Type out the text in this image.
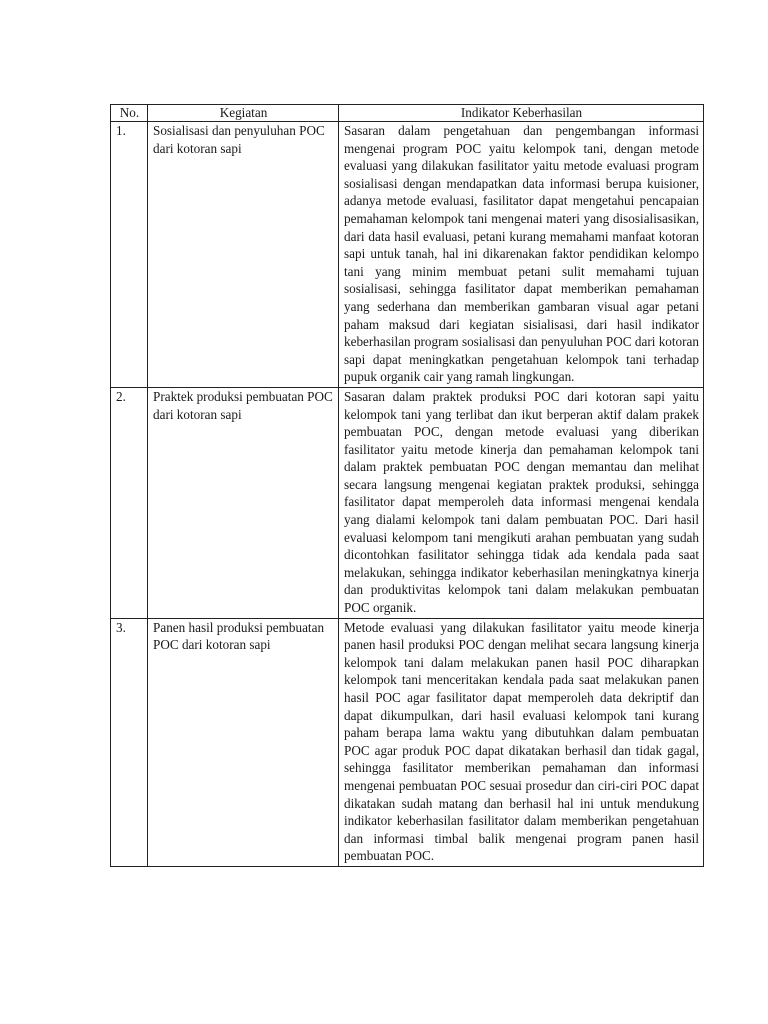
No.	Kegiatan	Indikator Keberhasilan
1.	Sosialisasi dan penyuluhan POC dari kotoran sapi	Sasaran dalam pengetahuan dan pengembangan informasi mengenai program POC yaitu kelompok tani, dengan metode evaluasi yang dilakukan fasilitator yaitu metode evaluasi program sosialisasi dengan mendapatkan data informasi berupa kuisioner, adanya metode evaluasi, fasilitator dapat mengetahui pencapaian pemahaman kelompok tani mengenai materi yang disosialisasikan, dari data hasil evaluasi, petani kurang memahami manfaat kotoran sapi untuk tanah, hal ini dikarenakan faktor pendidikan kelompo tani yang minim membuat petani sulit memahami tujuan sosialisasi, sehingga fasilitator dapat memberikan pemahaman yang sederhana dan memberikan gambaran visual agar petani paham maksud dari kegiatan sisialisasi, dari hasil indikator keberhasilan program sosialisasi dan penyuluhan POC dari kotoran sapi dapat meningkatkan pengetahuan kelompok tani terhadap pupuk organik cair yang ramah lingkungan.
2.	Praktek produksi pembuatan POC dari kotoran sapi	Sasaran dalam praktek produksi POC dari kotoran sapi yaitu kelompok tani yang terlibat dan ikut berperan aktif dalam prakek pembuatan POC, dengan metode evaluasi yang diberikan fasilitator yaitu metode kinerja dan pemahaman kelompok tani dalam praktek pembuatan POC dengan memantau dan melihat secara langsung mengenai kegiatan praktek produksi, sehingga fasilitator dapat memperoleh data informasi mengenai kendala yang dialami kelompok tani dalam pembuatan POC. Dari hasil evaluasi kelompom tani mengikuti arahan pembuatan yang sudah dicontohkan fasilitator sehingga tidak ada kendala pada saat melakukan, sehingga indikator keberhasilan meningkatnya kinerja dan produktivitas kelompok tani dalam melakukan pembuatan POC organik.
3.	Panen hasil produksi pembuatan POC dari kotoran sapi	Metode evaluasi yang dilakukan fasilitator yaitu meode kinerja panen hasil produksi POC dengan melihat secara langsung kinerja kelompok tani dalam melakukan panen hasil POC diharapkan kelompok tani menceritakan kendala pada saat melakukan panen hasil POC agar fasilitator dapat memperoleh data dekriptif dan dapat dikumpulkan, dari hasil evaluasi kelompok tani kurang paham berapa lama waktu yang dibutuhkan dalam pembuatan POC agar produk POC dapat dikatakan berhasil dan tidak gagal, sehingga fasilitator memberikan pemahaman dan informasi mengenai pembuatan POC sesuai prosedur dan ciri-ciri POC dapat dikatakan sudah matang dan berhasil hal ini untuk mendukung indikator keberhasilan fasilitator dalam memberikan pengetahuan dan informasi timbal balik mengenai program panen hasil pembuatan POC.
